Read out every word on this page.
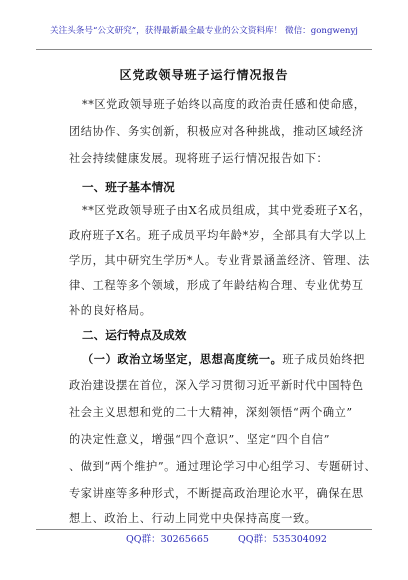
关注头条号“公文研究”，获得最新最全最专业的公文资料库！ 微信：gongwenyj
区党政领导班子运行情况报告
**区党政领导班子始终以高度的政治责任感和使命感，
团结协作、务实创新，积极应对各种挑战，推动区域经济
社会持续健康发展。现将班子运行情况报告如下：
一、班子基本情况
**区党政领导班子由X名成员组成，其中党委班子X名，
政府班子X名。班子成员平均年龄*岁，全部具有大学以上
学历，其中研究生学历*人。专业背景涵盖经济、管理、法
律、工程等多个领域，形成了年龄结构合理、专业优势互
补的良好格局。
二、运行特点及成效
（一）政治立场坚定，思想高度统一。班子成员始终把
政治建设摆在首位，深入学习贯彻习近平新时代中国特色
社会主义思想和党的二十大精神，深刻领悟“两个确立”
的决定性意义，增强“四个意识”、坚定“四个自信”
、做到“两个维护”。通过理论学习中心组学习、专题研讨、
专家讲座等多种形式，不断提高政治理论水平，确保在思
想上、政治上、行动上同党中央保持高度一致。
QQ群：30265665	QQ群：535304092
